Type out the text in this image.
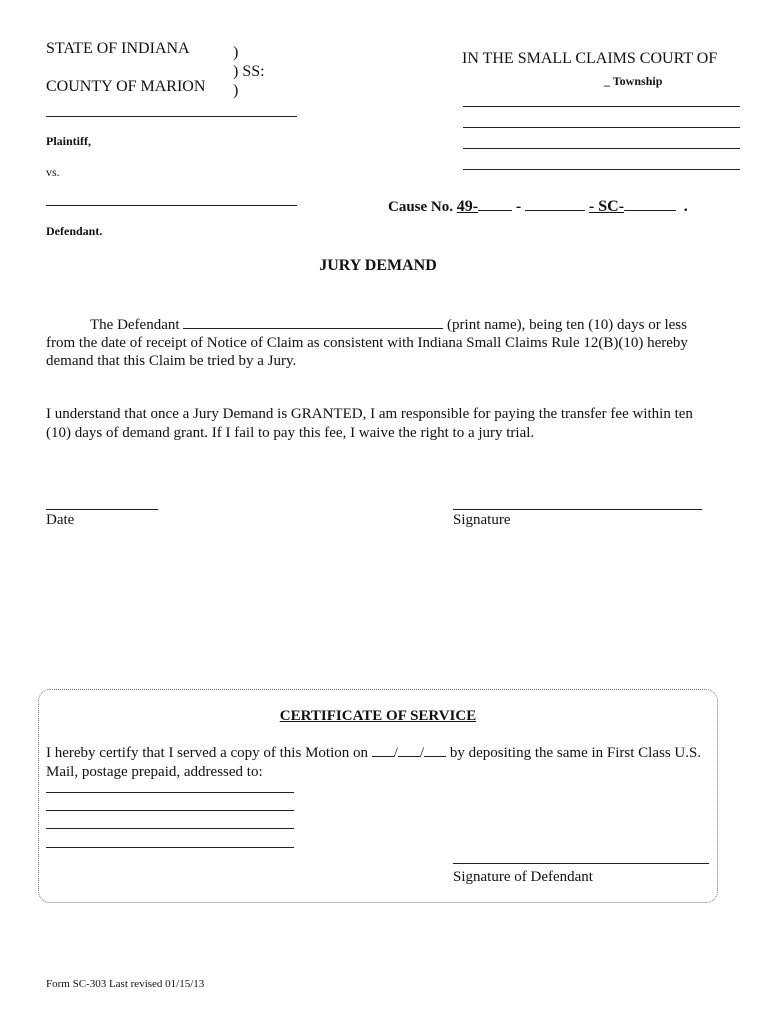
STATE OF INDIANA
COUNTY OF MARION
)
) SS:
)
IN THE SMALL CLAIMS COURT OF
_ Township
Plaintiff,
vs.
Defendant.
Cause No. 49- -	- SC-	.
JURY DEMAND
The Defendant	(print name), being ten (10) days or less
from the date of receipt of Notice of Claim as consistent with Indiana Small Claims Rule 12(B)(10) hereby
demand that this Claim be tried by a Jury.
I understand that once a Jury Demand is GRANTED, I am responsible for paying the transfer fee within ten
(10) days of demand grant. If I fail to pay this fee, I waive the right to a jury trial.
Date	Signature
CERTIFICATE OF SERVICE
I hereby certify that I served a copy of this Motion on / / by depositing the same in First Class U.S.
Mail, postage prepaid, addressed to:
Signature of Defendant
Form SC-303 Last revised 01/15/13
